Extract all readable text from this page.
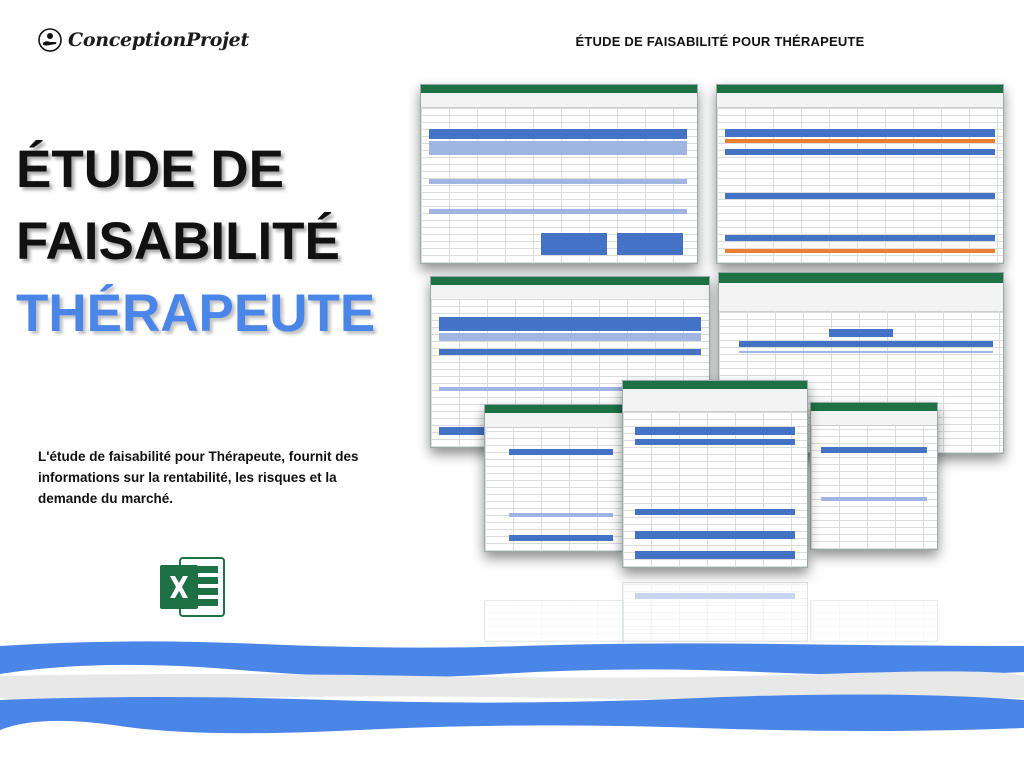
ConceptionProjet	ÉTUDE DE FAISABILITÉ POUR THÉRAPEUTE
ÉTUDE DE
FAISABILITÉ
THÉRAPEUTE
L'étude de faisabilité pour Thérapeute, fournit des informations sur la rentabilité, les risques et la demande du marché.
